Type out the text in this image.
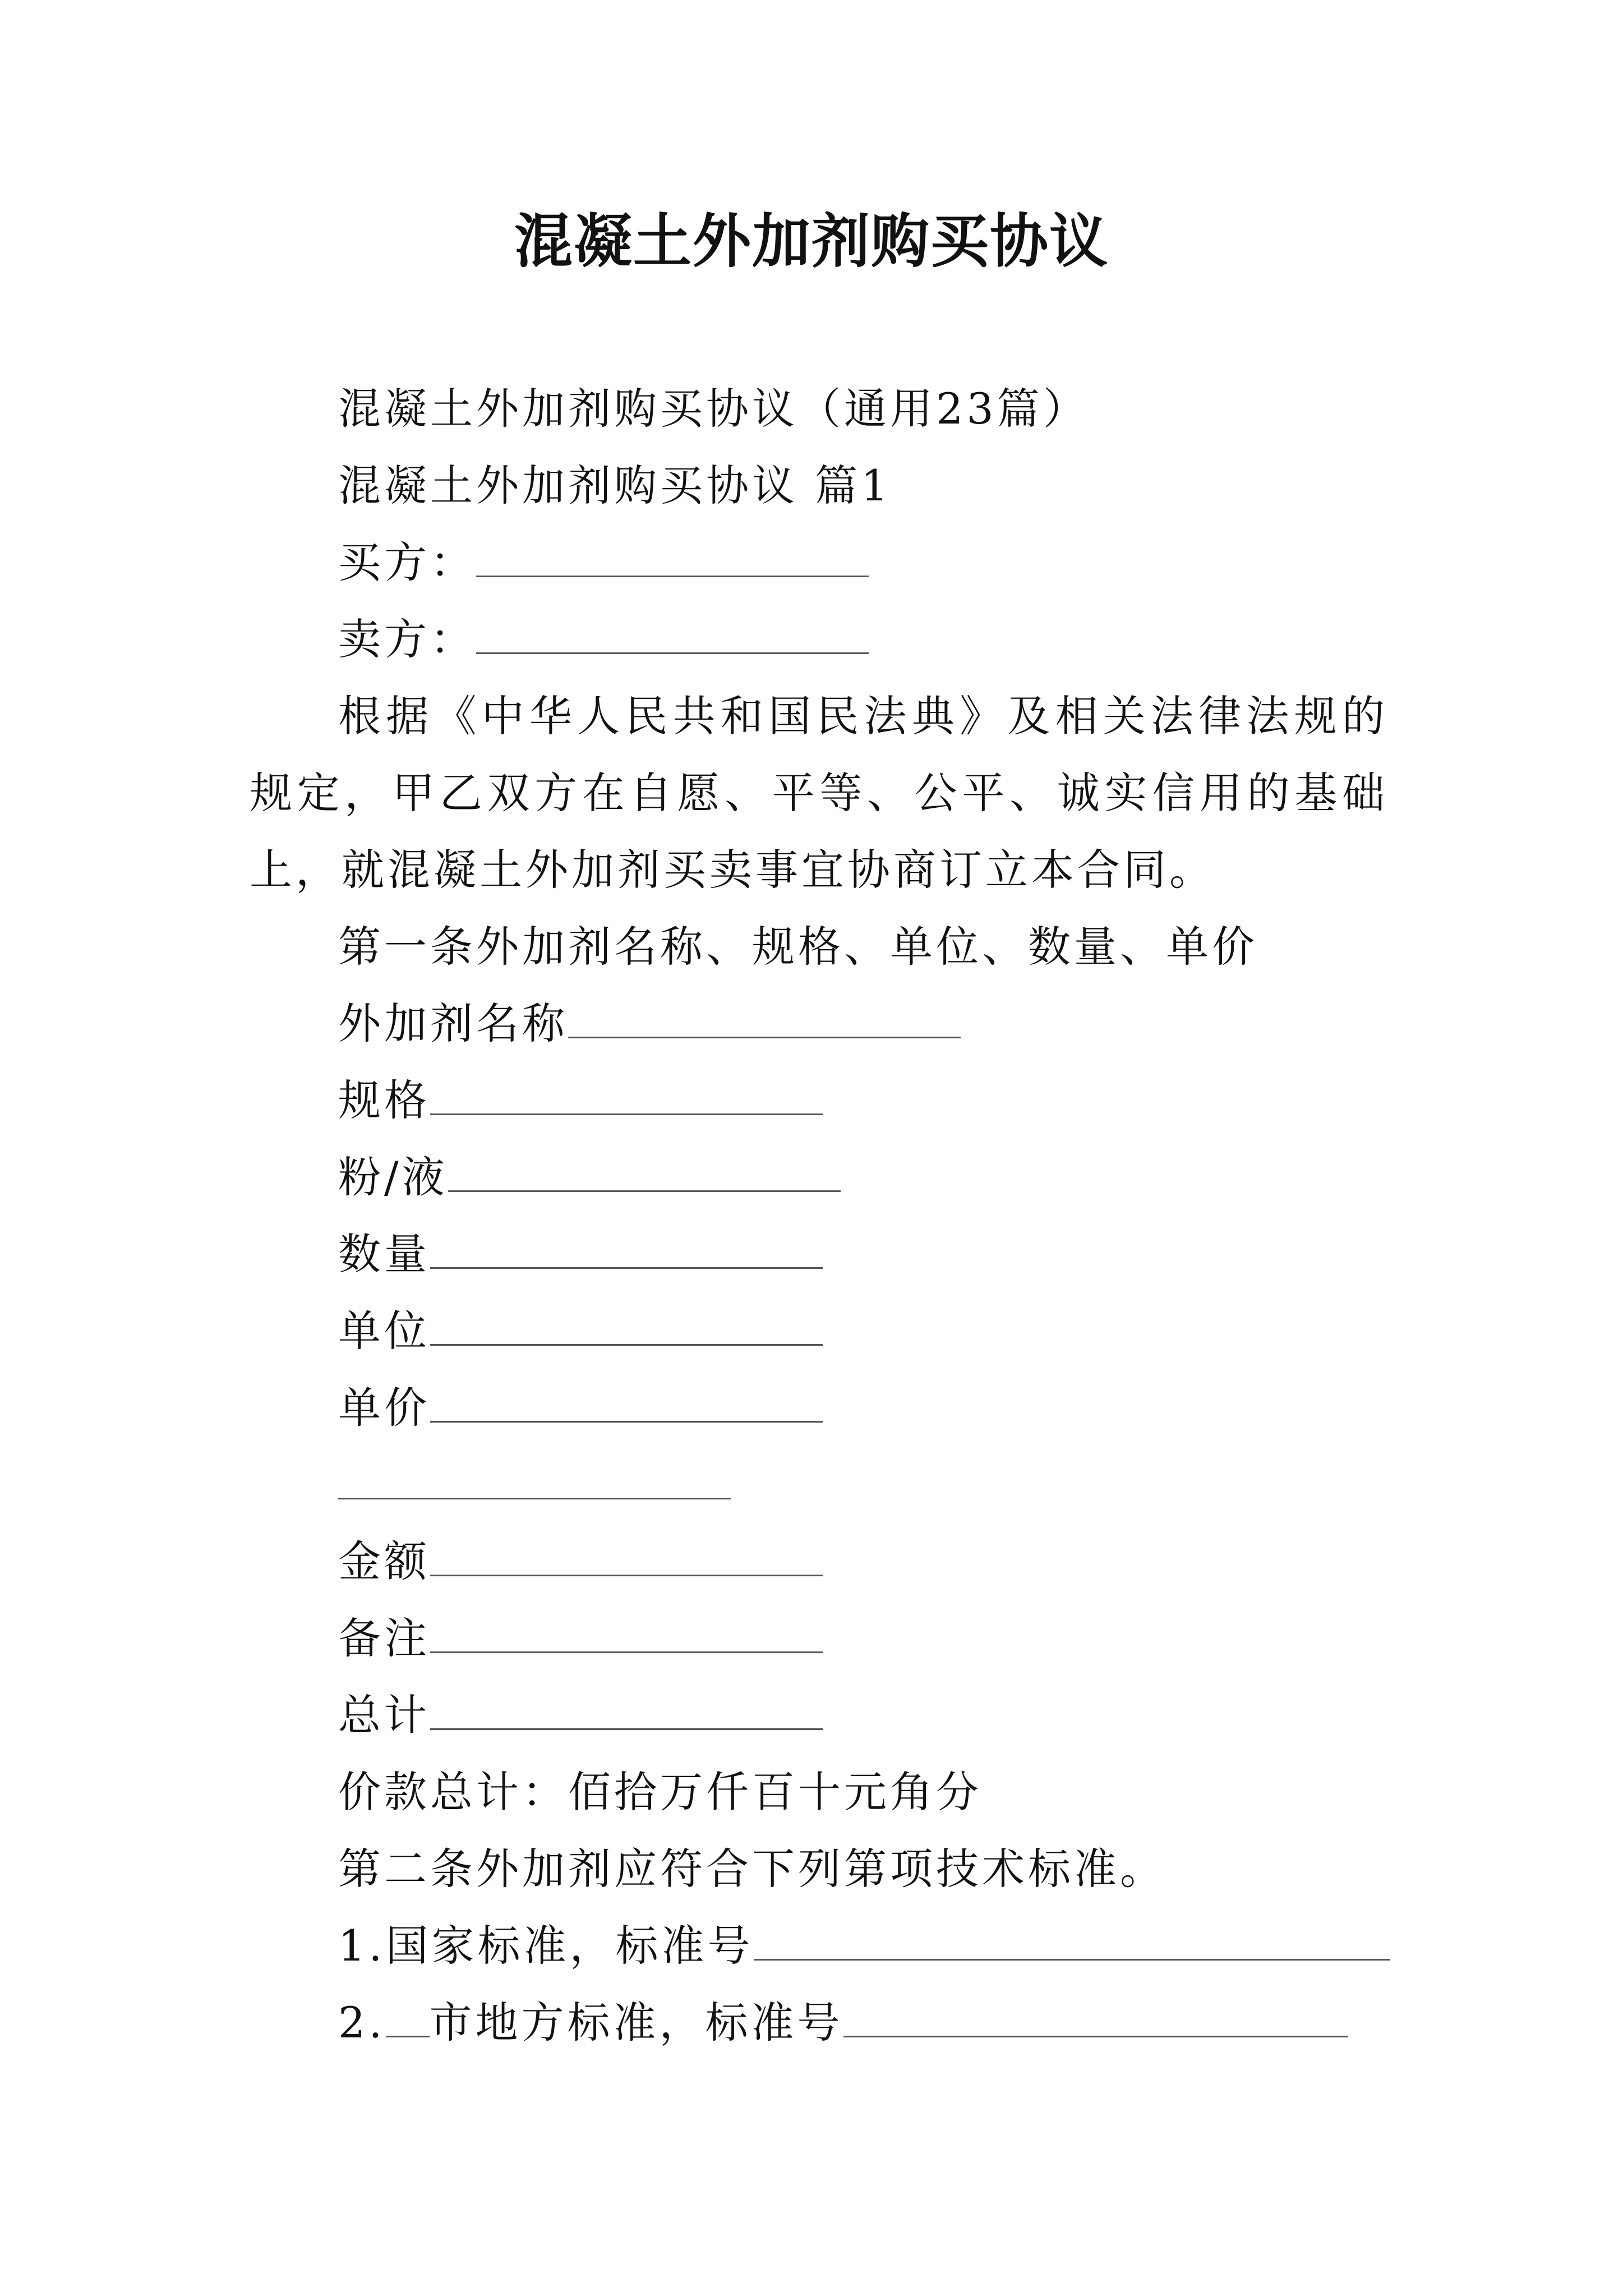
混凝土外加剂购买协议
混凝土外加剂购买协议（通用23篇）
混凝土外加剂购买协议 篇1
买方：
卖方：
根据《中华人民共和国民法典》及相关法律法规的规定，甲乙双方在自愿、平等、公平、诚实信用的基础上，就混凝土外加剂买卖事宜协商订立本合同。
第一条外加剂名称、规格、单位、数量、单价
外加剂名称
规格
粉/液
数量
单位
单价
金额
备注
总计
价款总计：佰拾万仟百十元角分
第二条外加剂应符合下列第项技术标准。
1.国家标准，标准号
2. 市地方标准，标准号
